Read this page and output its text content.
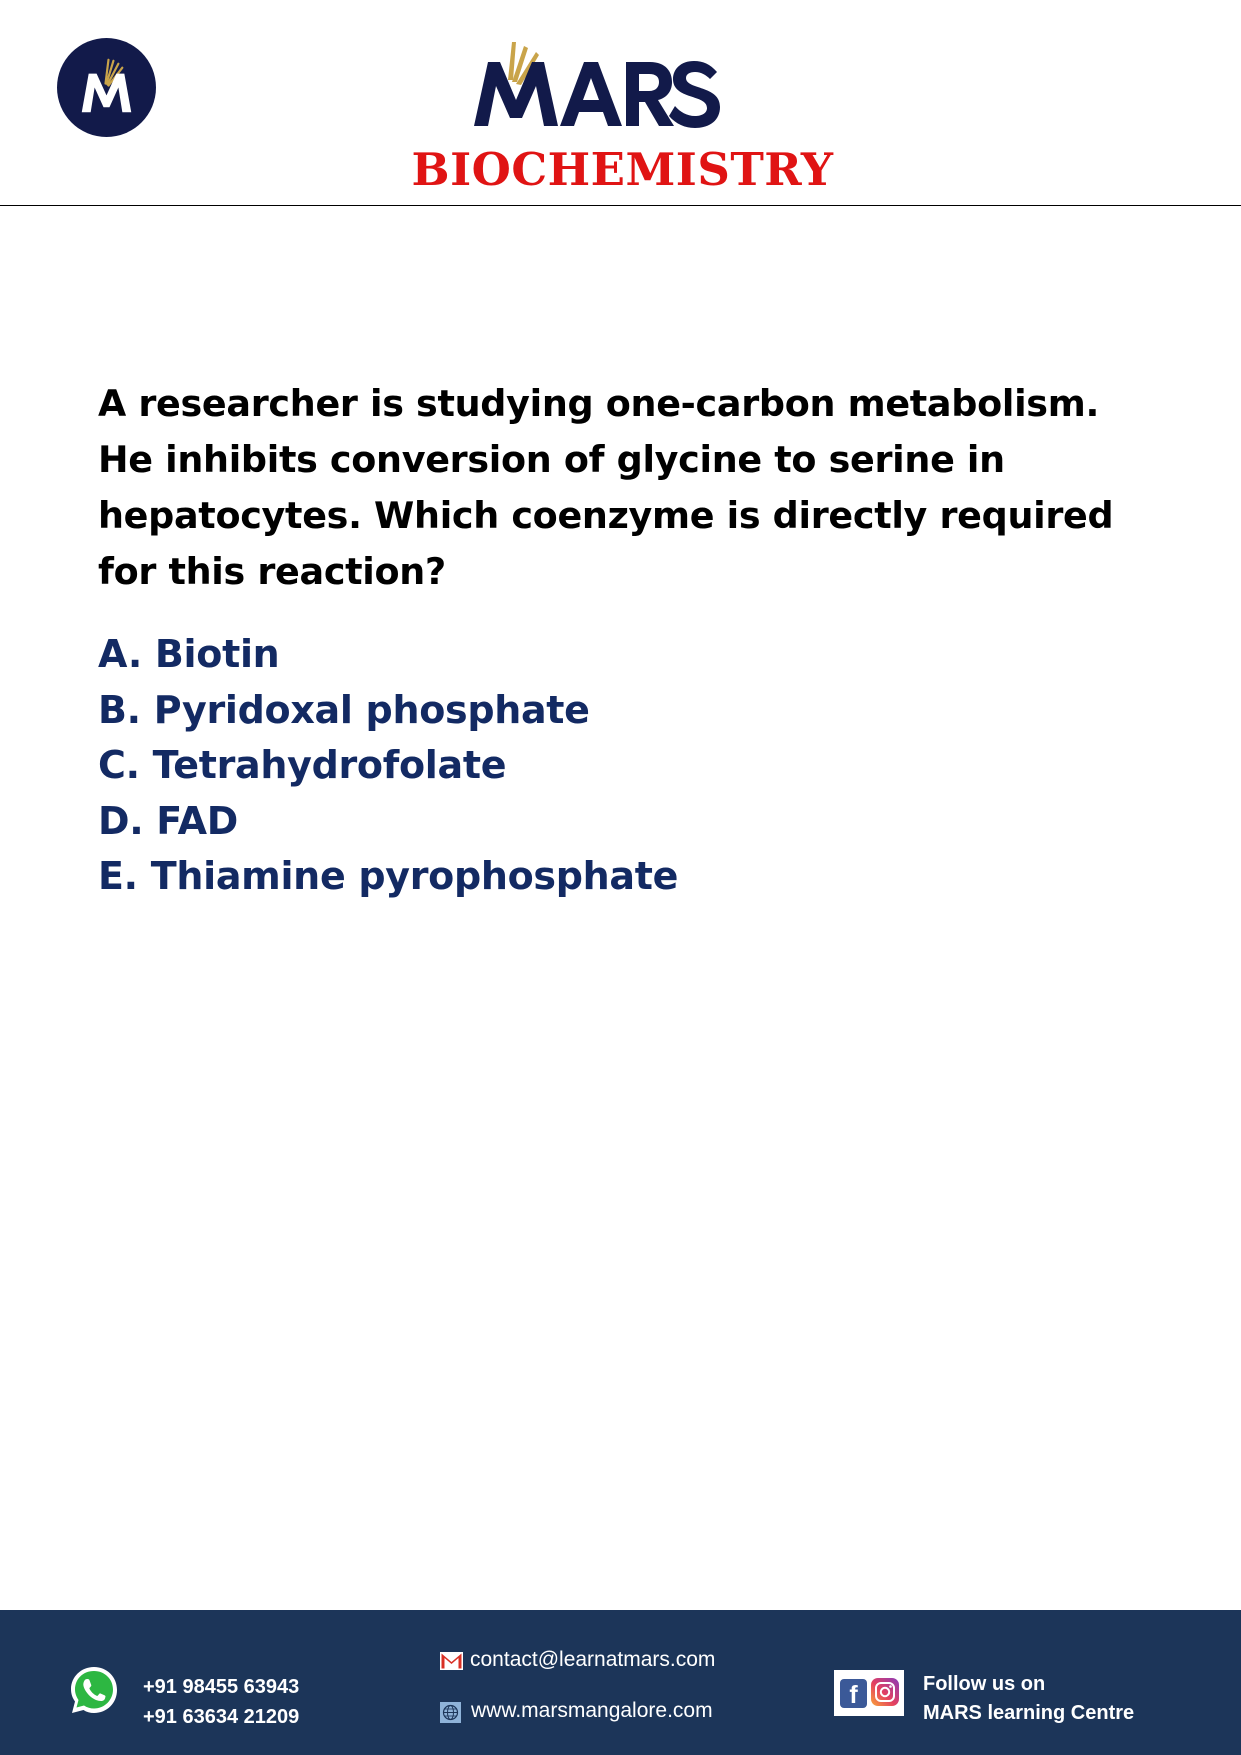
BIOCHEMISTRY
A researcher is studying one-carbon metabolism. He inhibits conversion of glycine to serine in hepatocytes. Which coenzyme is directly required for this reaction?
A. Biotin
B. Pyridoxal phosphate
C. Tetrahydrofolate
D. FAD
E. Thiamine pyrophosphate
+91 98455 63943
+91 63634 21209
contact@learnatmars.com
www.marsmangalore.com
f	Follow us on
MARS learning Centre
